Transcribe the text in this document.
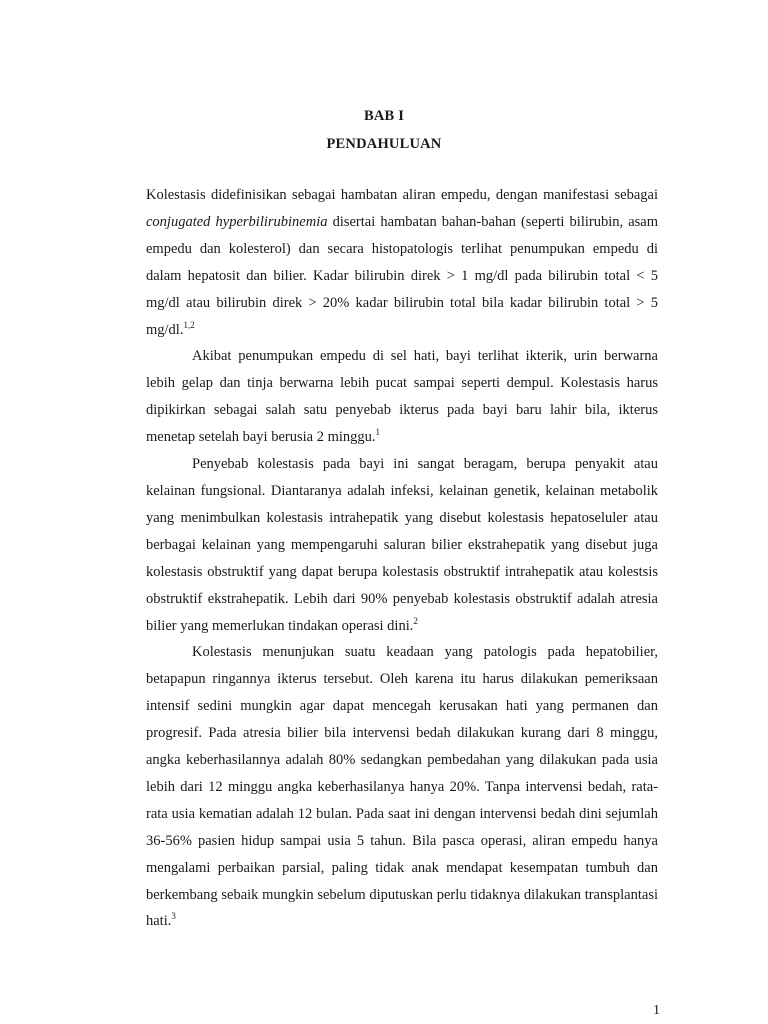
BAB I
PENDAHULUAN

Kolestasis didefinisikan sebagai hambatan aliran empedu, dengan manifestasi sebagai conjugated hyperbilirubinemia disertai hambatan bahan-bahan (seperti bilirubin, asam empedu dan kolesterol) dan secara histopatologis terlihat penumpukan empedu di dalam hepatosit dan bilier. Kadar bilirubin direk > 1 mg/dl pada bilirubin total < 5 mg/dl atau bilirubin direk > 20% kadar bilirubin total bila kadar bilirubin total > 5 mg/dl.$^{1,2}$

Akibat penumpukan empedu di sel hati, bayi terlihat ikterik, urin berwarna lebih gelap dan tinja berwarna lebih pucat sampai seperti dempul. Kolestasis harus dipikirkan sebagai salah satu penyebab ikterus pada bayi baru lahir bila, ikterus menetap setelah bayi berusia 2 minggu.$^1$

Penyebab kolestasis pada bayi ini sangat beragam, berupa penyakit atau kelainan fungsional. Diantaranya adalah infeksi, kelainan genetik, kelainan metabolik yang menimbulkan kolestasis intrahepatik yang disebut kolestasis hepatoseluler atau berbagai kelainan yang mempengaruhi saluran bilier ekstrahepatik yang disebut juga kolestasis obstruktif yang dapat berupa kolestasis obstruktif intrahepatik atau kolestsis obstruktif ekstrahepatik. Lebih dari 90% penyebab kolestasis obstruktif adalah atresia bilier yang memerlukan tindakan operasi dini.$^2$

Kolestasis menunjukan suatu keadaan yang patologis pada hepatobilier, betapapun ringannya ikterus tersebut. Oleh karena itu harus dilakukan pemeriksaan intensif sedini mungkin agar dapat mencegah kerusakan hati yang permanen dan progresif. Pada atresia bilier bila intervensi bedah dilakukan kurang dari 8 minggu, angka keberhasilannya adalah 80% sedangkan pembedahan yang dilakukan pada usia lebih dari 12 minggu angka keberhasilanya hanya 20%. Tanpa intervensi bedah, rata-rata usia kematian adalah 12 bulan. Pada saat ini dengan intervensi bedah dini sejumlah 36-56% pasien hidup sampai usia 5 tahun. Bila pasca operasi, aliran empedu hanya mengalami perbaikan parsial, paling tidak anak mendapat kesempatan tumbuh dan berkembang sebaik mungkin sebelum diputuskan perlu tidaknya dilakukan transplantasi hati.$^3$

1
